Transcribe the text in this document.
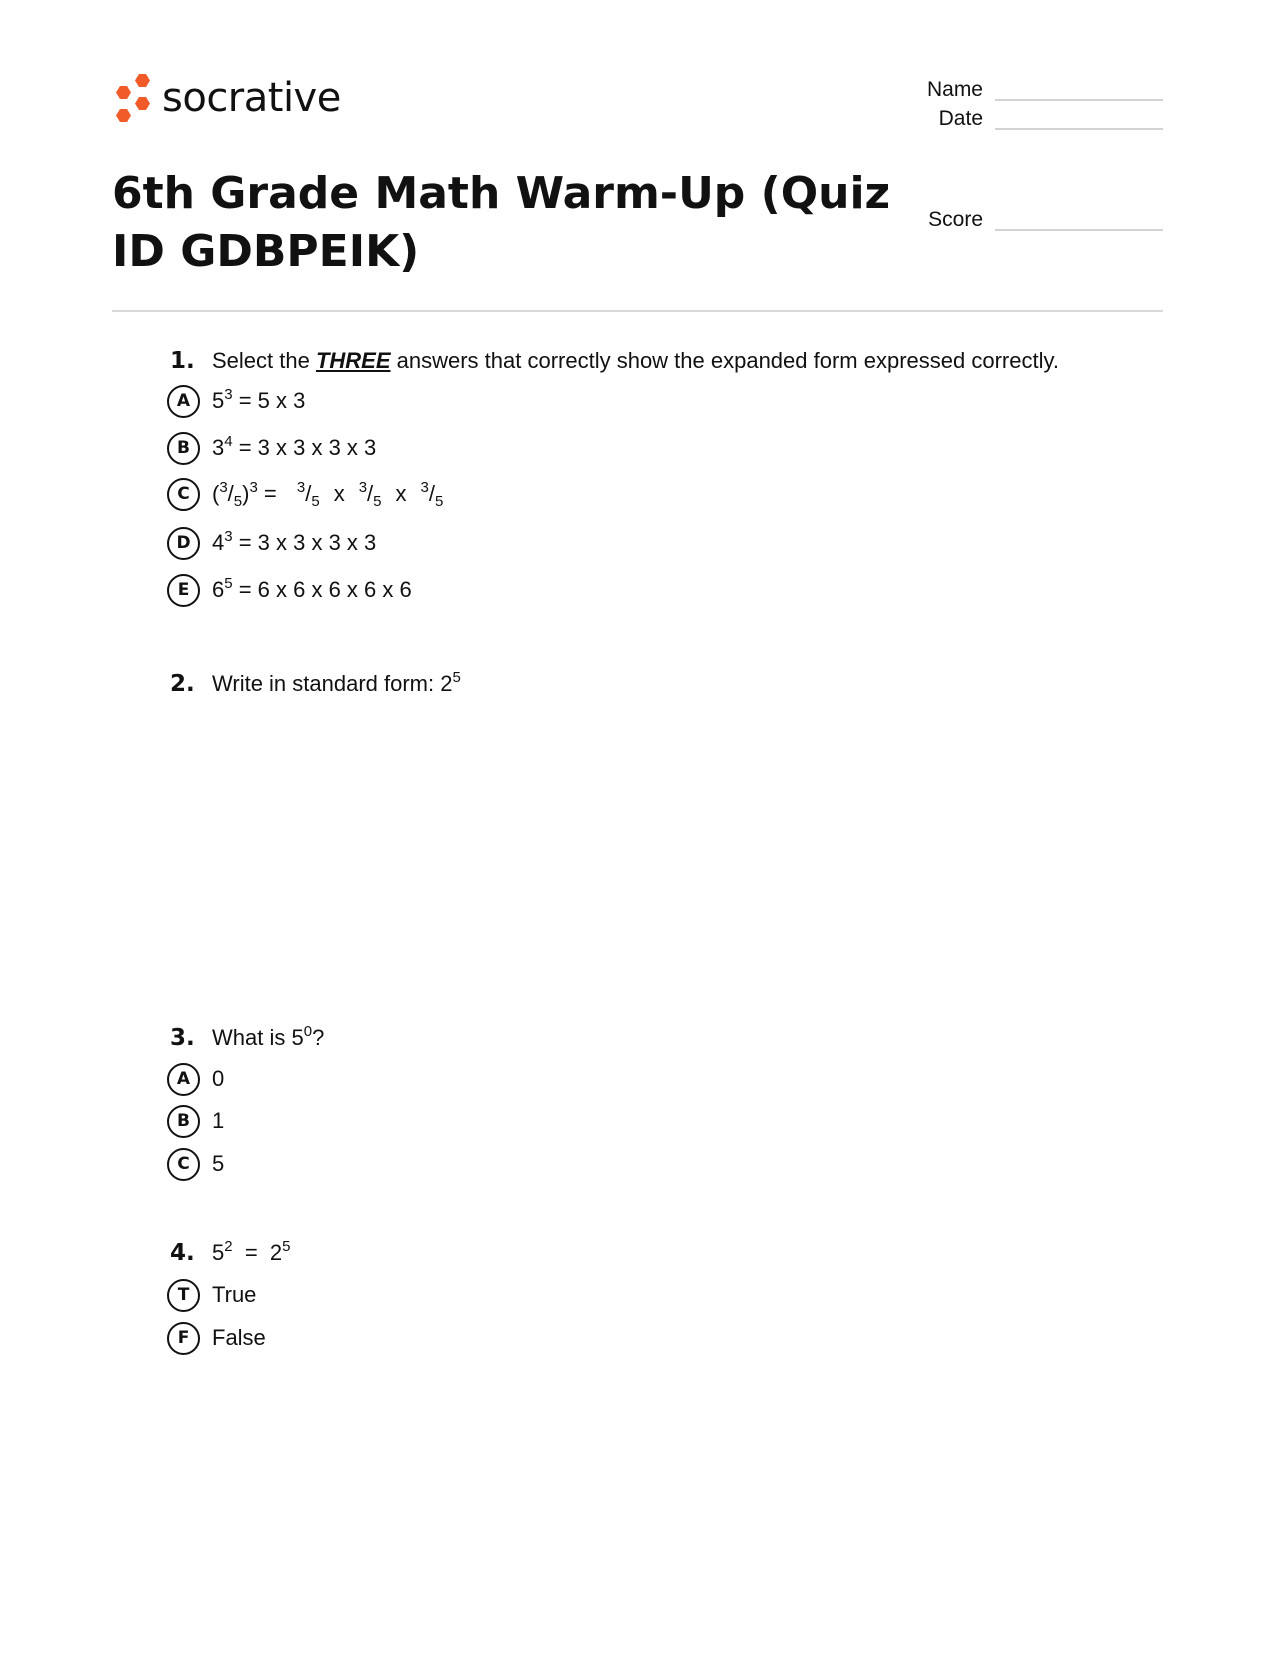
socrative	Name
Date
Score
6th Grade Math Warm-Up (Quiz ID GDBPEIK)
1. Select the THREE answers that correctly show the expanded form expressed correctly.
A $5^3 = 5$ x 3
B	$3^4 = 3$ x 3 x 3 x 3
C	$(^3/_5)^3 = ^3/_5$ x $^3/_5$ x $^3/_5$
D $4^3 = 3$ x 3 x 3 x 3
E	$6^5 = 6$ x 6 x 6 x 6 x 6
2. Write in standard form: $2^5$
3. What is $5^0$?
A 0
B	1
C	5
4. $5^2 = 2^5$
T	True
F	False
